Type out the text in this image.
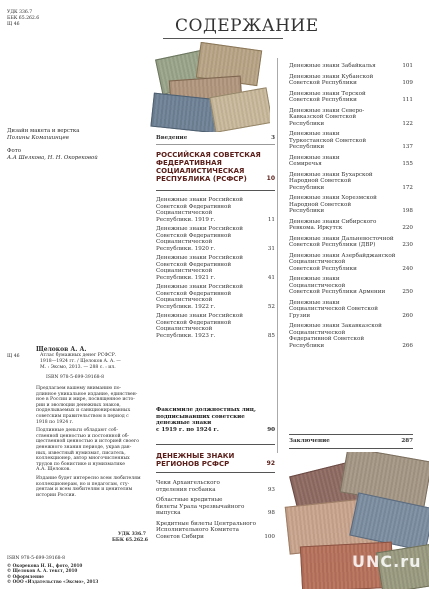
СОДЕРЖАНИЕ
УДК 336.7
ББК 65.262.6
Щ 46
Дизайн макета и верстка
Полины Комашинцев
Фото
А.А Шелкова, Н. Н. Окорековой
Щ 46
Щелоков А. А.
Атлас бумажных денег РСФСР.
1918—1924 гг. / Щелоков А. А. —
М. : Эксмо, 2013. — 288 с. : ил.
ISBN 978-5-699-39168-8
Предлагаем вашему вниманию по-
длинное уникальное издание, единствен-
ное в России и мире, посвященное исто-
рии и эволюции денежных знаков,
подделываемых и санкционированных
советским правительством в период с
1918 по 1924 г.
Подлинные деньги обладают соб-
ственной ценностью и постоянной об-
щественной ценностью и историей своего
денежного знания периоде, украв дан-
ных, известный нумизмат, писатель,
коллекционер, автор многочисленных
трудов по бонистике и нумизматике
А.А. Щелоков.
Издание будет интересно всем любителям
коллекционерам, но и педагогам, сту-
дентам и всем любителям и ценителям
истории России.
УДК 336.7
ББК 65.262.6
ISBN 978-5-699-39168-8
© Окорекова Н. Н., фото, 2010
© Щелоков А. А. текст, 2010
© Оформление
© ООО «Издательство «Эксмо», 2013
Введение	3
РОССИЙСКАЯ СОВЕТСКАЯ
ФЕДЕРАТИВНАЯ
СОЦИАЛИСТИЧЕСКАЯ
РЕСПУБЛИКА (РСФСР)	10
Денежные знаки Российской
Советской Федеративной
Социалистической
Республики. 1919 г.	11
Денежные знаки Российской
Советской Федеративной
Социалистической
Республики. 1920 г.	31
Денежные знаки Российской
Советской Федеративной
Социалистической
Республики. 1921 г.	41
Денежные знаки Российской
Советской Федеративной
Социалистической
Республики. 1922 г.	52
Денежные знаки Российской
Советской Федеративной
Социалистической
Республики. 1923 г.	85
Факсимиле должностных лиц,
подписывавших советские
денежные знаки
с 1919 г. по 1924 г.	90
ДЕНЕЖНЫЕ ЗНАКИ
РЕГИОНОВ РСФСР	92
Чеки Архангельского
отделения госбанка	93
Областные кредитные
билеты Урала чрезвычайного
выпуска	98
Кредитные билеты Центрального
Исполнительного Комитета
Советов Сибири	100
Денежные знаки Забайкалья	101
Денежные знаки Кубанской
Советской Республики	109
Денежные знаки Терской
Советской Республики	111
Денежные знаки Северо-
Кавказской Советской
Республики	122
Денежные знаки
Туркестанской Советской
Республики	137
Денежные знаки
Семиречья	155
Денежные знаки Бухарской
Народной Советской
Республики	172
Денежные знаки Хорезмской
Народной Советской
Республики	198
Денежные знаки Сибирского
Ревкома. Иркутск	220
Денежные знаки Дальневосточной
Советской Республики (ДВР)	230
Денежные знаки Азербайджанской
Социалистической
Советской Республики	240
Денежные знаки
Социалистической
Советской Республики Армении	250
Денежные знаки
Социалистической Советской
Грузии	260
Денежные знаки Закавказской
Социалистической
Федеративной Советской
Республики	266
Заключение	287
UNC.ru
